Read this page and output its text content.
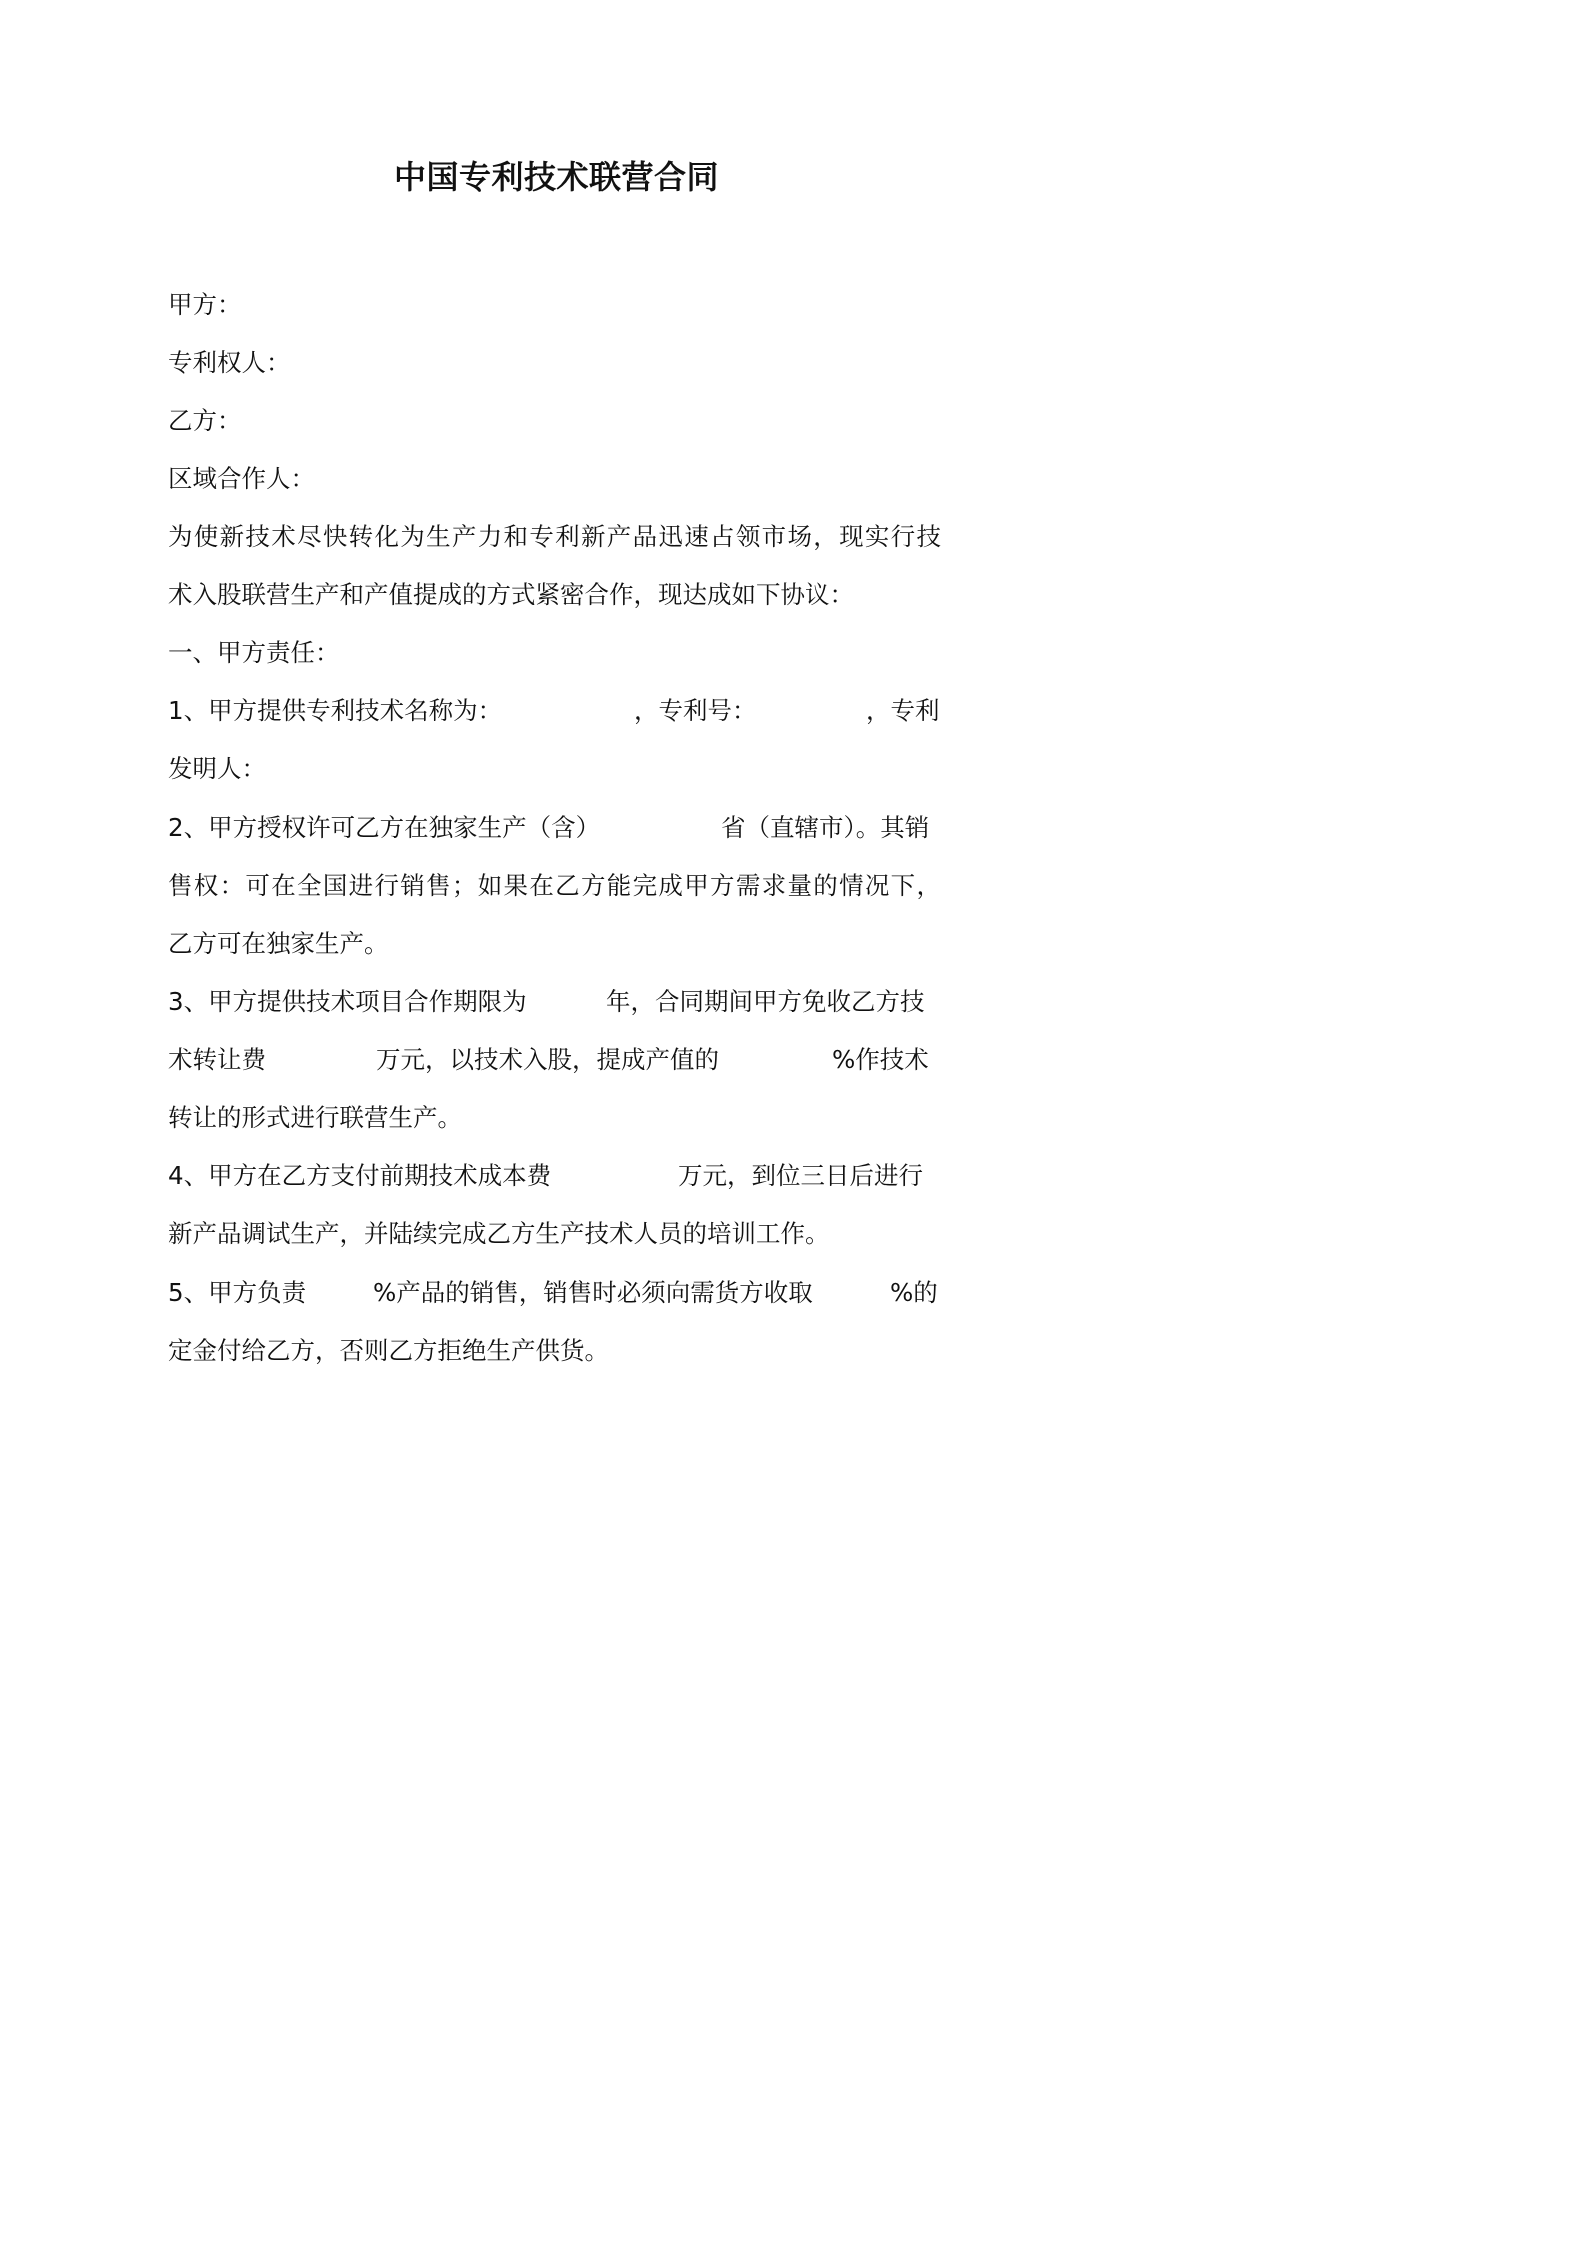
中国专利技术联营合同
甲方：
专利权人：
乙方：
区域合作人：
为使新技术尽快转化为生产力和专利新产品迅速占领市场，现实行技
术入股联营生产和产值提成的方式紧密合作，现达成如下协议：
一、甲方责任：
1、甲方提供专利技术名称为：	，专利号：	，专利
发明人：
2、甲方授权许可乙方在独家生产（含）	省（直辖市）。其销
售权：可在全国进行销售；如果在乙方能完成甲方需求量的情况下，
乙方可在独家生产。
3、甲方提供技术项目合作期限为	年，合同期间甲方免收乙方技
术转让费	万元，以技术入股，提成产值的	%作技术
转让的形式进行联营生产。
4、甲方在乙方支付前期技术成本费	万元，到位三日后进行
新产品调试生产，并陆续完成乙方生产技术人员的培训工作。
5、甲方负责	%产品的销售，销售时必须向需货方收取	%的
定金付给乙方，否则乙方拒绝生产供货。
